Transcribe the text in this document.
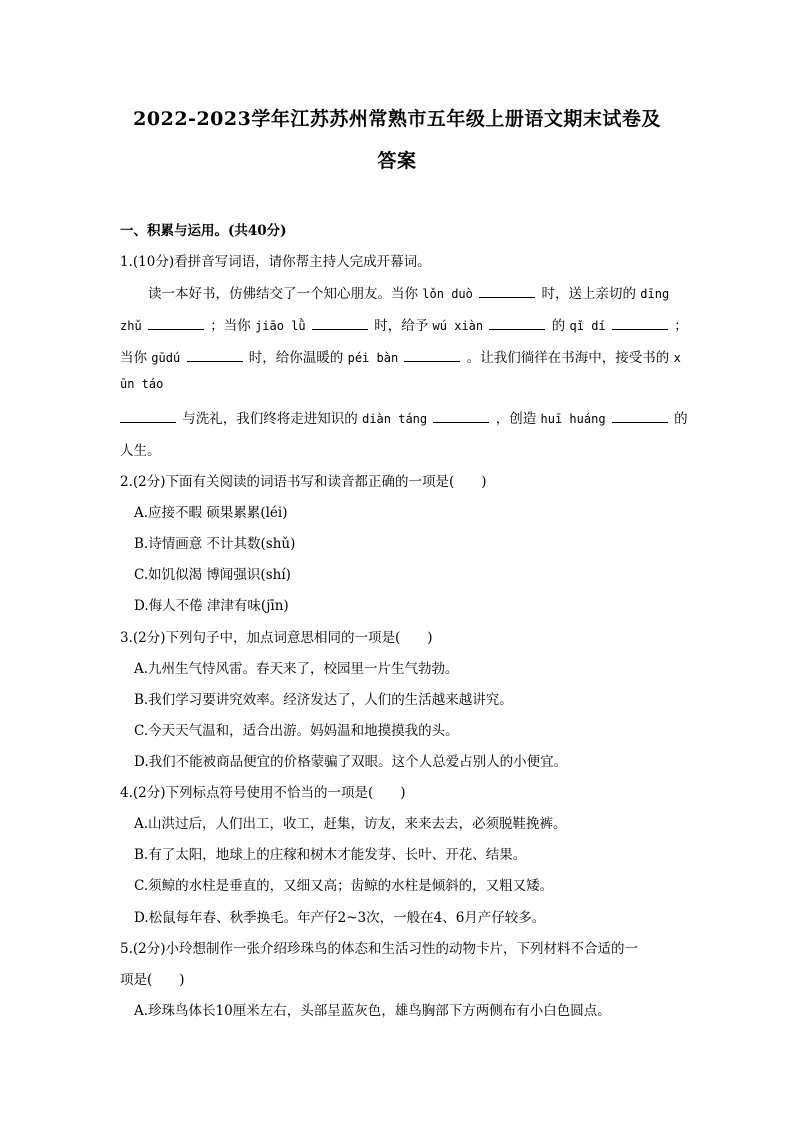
2022-2023学年江苏苏州常熟市五年级上册语文期末试卷及
答案
一、积累与运用。(共40分)
1.(10分)看拼音写词语，请你帮主持人完成开幕词。
读一本好书，仿佛结交了一个知心朋友。当你 lǒn duò	时，送上亲切的 dīng
zhǔ	；当你 jiāo lǜ	时，给予 wú xiàn	的 qǐ dí	；
当你 gūdú	时，给你温暖的 péi bàn	。让我们徜徉在书海中，接受书的 x
ūn táo
与洗礼，我们终将走进知识的 diàn táng	，创造 huī huáng	的
人生。
2.(2分)下面有关阅读的词语书写和读音都正确的一项是(　　)
A.应接不暇 硕果累累(léi)
B.诗情画意 不计其数(shǔ)
C.如饥似渴 博闻强识(shí)
D.侮人不倦 津津有味(jīn)
3.(2分)下列句子中，加点词意思相同的一项是(　　)
A.九州生气恃风雷。春天来了，校园里一片生气勃勃。
B.我们学习要讲究效率。经济发达了，人们的生活越来越讲究。
C.今天天气温和，适合出游。妈妈温和地摸摸我的头。
D.我们不能被商品便宜的价格蒙骗了双眼。这个人总爱占别人的小便宜。
4.(2分)下列标点符号使用不恰当的一项是(　　)
A.山洪过后，人们出工，收工，赶集，访友，来来去去，必须脱鞋挽裤。
B.有了太阳，地球上的庄稼和树木才能发芽、长叶、开花、结果。
C.须鲸的水柱是垂直的，又细又高；齿鲸的水柱是倾斜的，又粗又矮。
D.松鼠每年春、秋季换毛。年产仔2~3次，一般在4、6月产仔较多。
5.(2分)小玲想制作一张介绍珍珠鸟的体态和生活习性的动物卡片，下列材料不合适的一
项是(　　)
A.珍珠鸟体长10厘米左右，头部呈蓝灰色，雄鸟胸部下方两侧布有小白色圆点。
